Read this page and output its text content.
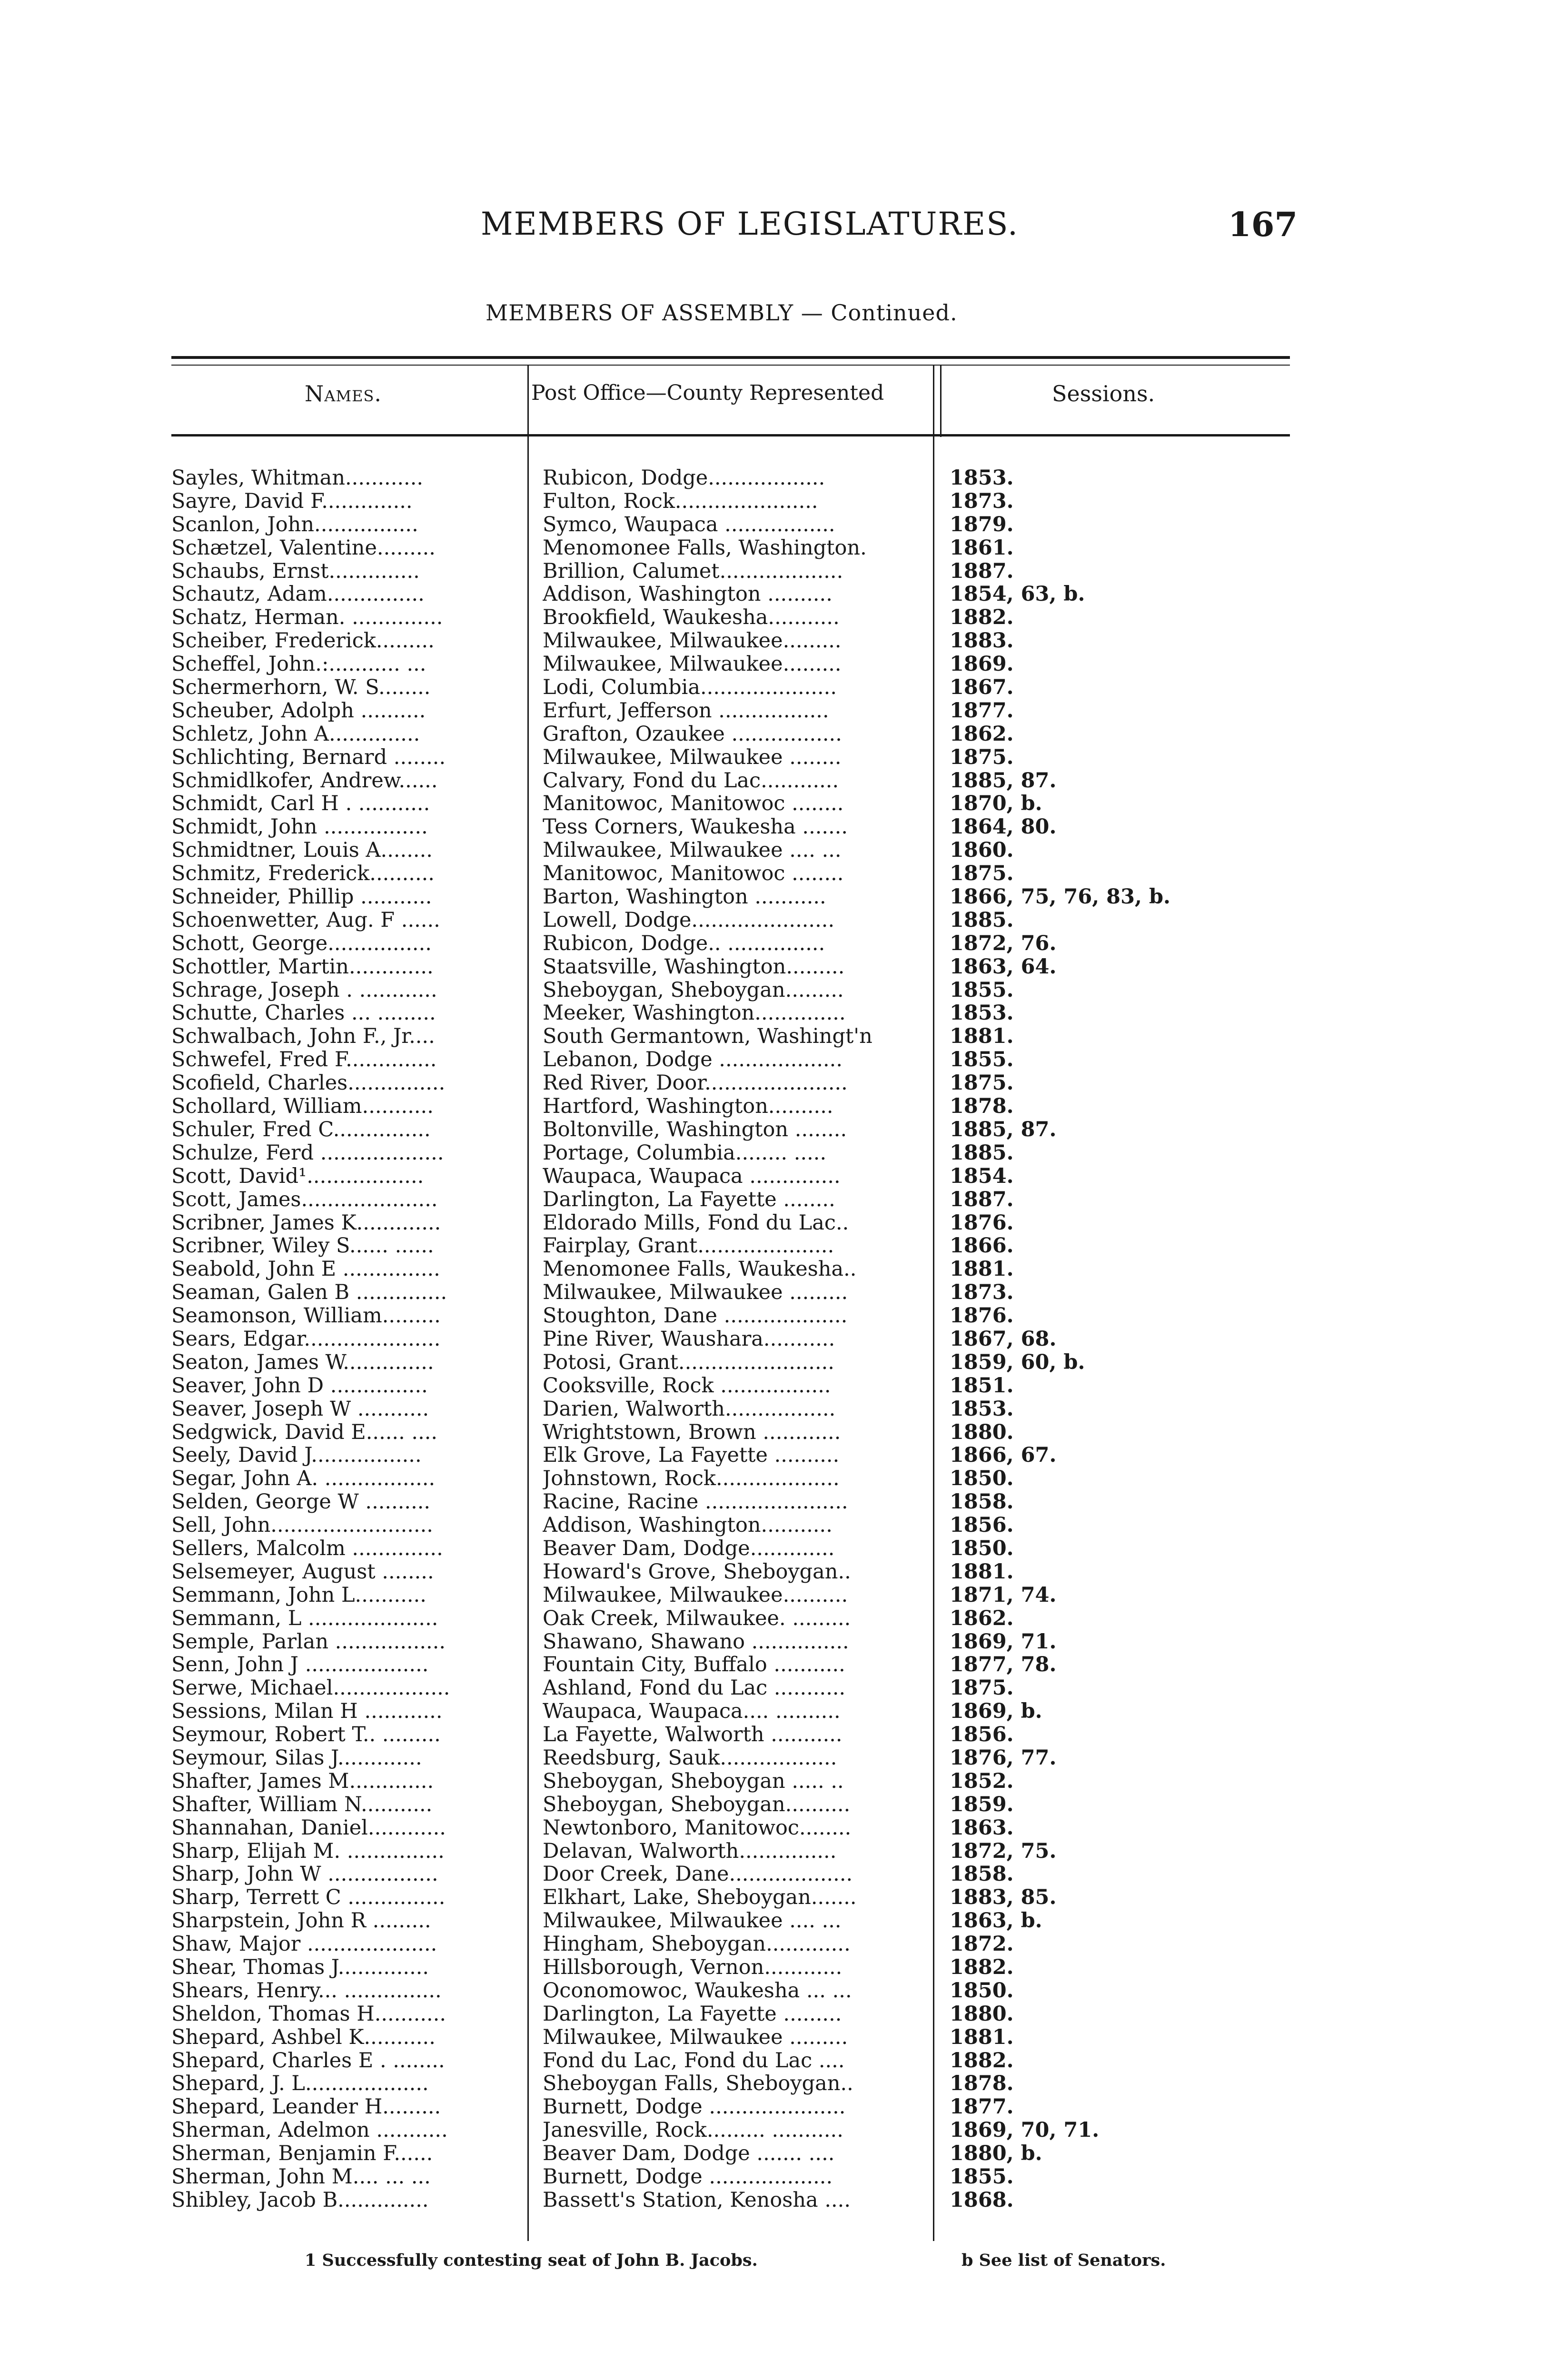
MEMBERS OF LEGISLATURES.	167
MEMBERS OF ASSEMBLY — Continued.
Names.	Post Office—County Represented	Sessions.
Sayles, Whitman............	Rubicon, Dodge..................	1853.
Sayre, David F..............	Fulton, Rock......................	1873.
Scanlon, John................	Symco, Waupaca .................	1879.
Schætzel, Valentine.........	Menomonee Falls, Washington.	1861.
Schaubs, Ernst..............	Brillion, Calumet...................	1887.
Schautz, Adam...............	Addison, Washington ..........	1854, 63, b.
Schatz, Herman. ..............	Brookfield, Waukesha...........	1882.
Scheiber, Frederick.........	Milwaukee, Milwaukee.........	1883.
Scheffel, John.:........... ...	Milwaukee, Milwaukee.........	1869.
Schermerhorn, W. S........	Lodi, Columbia.....................	1867.
Scheuber, Adolph ..........	Erfurt, Jefferson .................	1877.
Schletz, John A..............	Grafton, Ozaukee .................	1862.
Schlichting, Bernard ........	Milwaukee, Milwaukee ........	1875.
Schmidlkofer, Andrew......	Calvary, Fond du Lac............	1885, 87.
Schmidt, Carl H . ...........	Manitowoc, Manitowoc ........	1870, b.
Schmidt, John ................	Tess Corners, Waukesha .......	1864, 80.
Schmidtner, Louis A........	Milwaukee, Milwaukee .... ...	1860.
Schmitz, Frederick..........	Manitowoc, Manitowoc ........	1875.
Schneider, Phillip ...........	Barton, Washington ...........	1866, 75, 76, 83, b.
Schoenwetter, Aug. F ......	Lowell, Dodge......................	1885.
Schott, George................	Rubicon, Dodge.. ...............	1872, 76.
Schottler, Martin.............	Staatsville, Washington.........	1863, 64.
Schrage, Joseph . ............	Sheboygan, Sheboygan.........	1855.
Schutte, Charles ... .........	Meeker, Washington..............	1853.
Schwalbach, John F., Jr....	South Germantown, Washingt'n	1881.
Schwefel, Fred F..............	Lebanon, Dodge ...................	1855.
Scofield, Charles...............	Red River, Door......................	1875.
Schollard, William...........	Hartford, Washington..........	1878.
Schuler, Fred C...............	Boltonville, Washington ........	1885, 87.
Schulze, Ferd ...................	Portage, Columbia........ .....	1885.
Scott, David¹..................	Waupaca, Waupaca ..............	1854.
Scott, James.....................	Darlington, La Fayette ........	1887.
Scribner, James K.............	Eldorado Mills, Fond du Lac..	1876.
Scribner, Wiley S...... ......	Fairplay, Grant.....................	1866.
Seabold, John E ...............	Menomonee Falls, Waukesha..	1881.
Seaman, Galen B ..............	Milwaukee, Milwaukee .........	1873.
Seamonson, William.........	Stoughton, Dane ...................	1876.
Sears, Edgar.....................	Pine River, Waushara...........	1867, 68.
Seaton, James W..............	Potosi, Grant........................	1859, 60, b.
Seaver, John D ...............	Cooksville, Rock .................	1851.
Seaver, Joseph W ...........	Darien, Walworth.................	1853.
Sedgwick, David E...... ....	Wrightstown, Brown ............	1880.
Seely, David J.................	Elk Grove, La Fayette ..........	1866, 67.
Segar, John A. .................	Johnstown, Rock...................	1850.
Selden, George W ..........	Racine, Racine ......................	1858.
Sell, John.........................	Addison, Washington...........	1856.
Sellers, Malcolm ..............	Beaver Dam, Dodge.............	1850.
Selsemeyer, August ........	Howard's Grove, Sheboygan..	1881.
Semmann, John L...........	Milwaukee, Milwaukee..........	1871, 74.
Semmann, L ....................	Oak Creek, Milwaukee. .........	1862.
Semple, Parlan .................	Shawano, Shawano ...............	1869, 71.
Senn, John J ...................	Fountain City, Buffalo ...........	1877, 78.
Serwe, Michael..................	Ashland, Fond du Lac ...........	1875.
Sessions, Milan H ............	Waupaca, Waupaca.... ..........	1869, b.
Seymour, Robert T.. .........	La Fayette, Walworth ...........	1856.
Seymour, Silas J.............	Reedsburg, Sauk..................	1876, 77.
Shafter, James M.............	Sheboygan, Sheboygan ..... ..	1852.
Shafter, William N...........	Sheboygan, Sheboygan..........	1859.
Shannahan, Daniel............	Newtonboro, Manitowoc........	1863.
Sharp, Elijah M. ...............	Delavan, Walworth...............	1872, 75.
Sharp, John W .................	Door Creek, Dane...................	1858.
Sharp, Terrett C ...............	Elkhart, Lake, Sheboygan.......	1883, 85.
Sharpstein, John R .........	Milwaukee, Milwaukee .... ...	1863, b.
Shaw, Major ....................	Hingham, Sheboygan.............	1872.
Shear, Thomas J..............	Hillsborough, Vernon............	1882.
Shears, Henry... ...............	Oconomowoc, Waukesha ... ...	1850.
Sheldon, Thomas H...........	Darlington, La Fayette .........	1880.
Shepard, Ashbel K...........	Milwaukee, Milwaukee .........	1881.
Shepard, Charles E . ........	Fond du Lac, Fond du Lac ....	1882.
Shepard, J. L...................	Sheboygan Falls, Sheboygan..	1878.
Shepard, Leander H.........	Burnett, Dodge .....................	1877.
Sherman, Adelmon ...........	Janesville, Rock......... ...........	1869, 70, 71.
Sherman, Benjamin F......	Beaver Dam, Dodge ....... ....	1880, b.
Sherman, John M.... ... ...	Burnett, Dodge ...................	1855.
Shibley, Jacob B..............	Bassett's Station, Kenosha ....	1868.
1 Successfully contesting seat of John B. Jacobs.	b See list of Senators.
